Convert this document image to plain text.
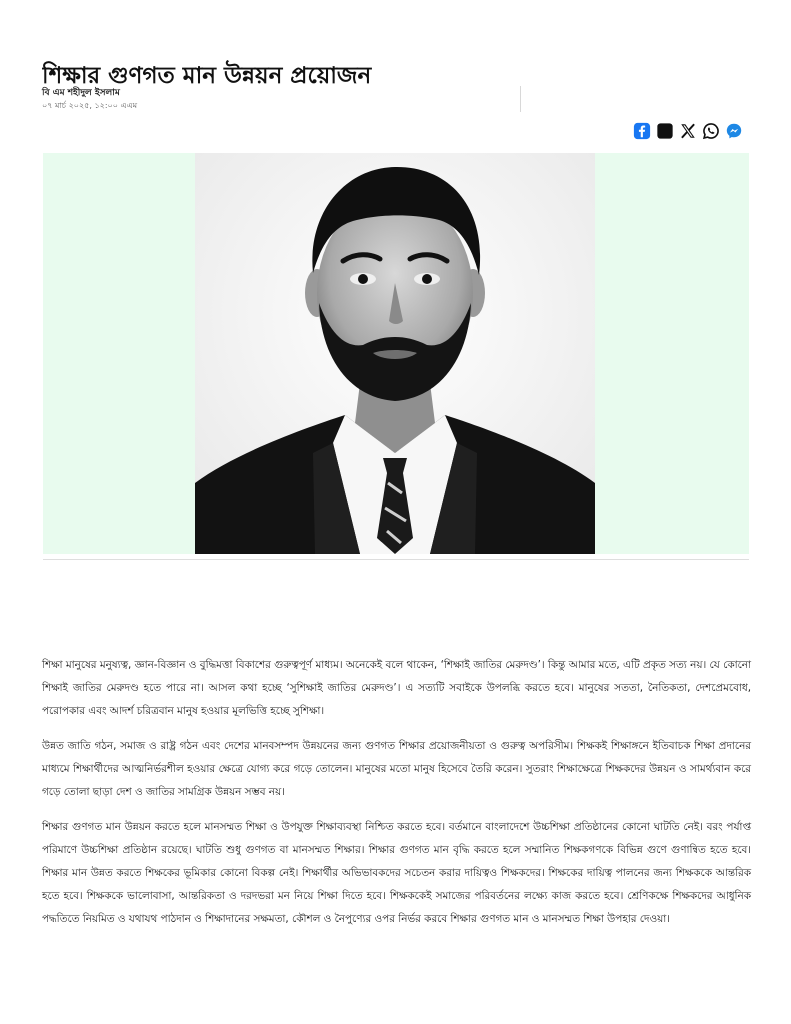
শিক্ষার গুণগত মান উন্নয়ন প্রয়োজন
বি এম শহীদুল ইসলাম
০৭ মার্চ ২০২৫, ১২:০০ এএম

শিক্ষা মানুষের মনুষ্যত্ব, জ্ঞান-বিজ্ঞান ও বুদ্ধিমত্তা বিকাশের গুরুত্বপূর্ণ মাধ্যম। অনেকেই বলে থাকেন, ‘শিক্ষাই জাতির মেরুদণ্ড’। কিন্তু আমার মতে, এটি প্রকৃত সত্য নয়। যে কোনো শিক্ষাই জাতির মেরুদণ্ড হতে পারে না। আসল কথা হচ্ছে ‘সুশিক্ষাই জাতির মেরুদণ্ড’। এ সত্যটি সবাইকে উপলব্ধি করতে হবে। মানুষের সততা, নৈতিকতা, দেশপ্রেমবোধ, পরোপকার এবং আদর্শ চরিত্রবান মানুষ হওয়ার মূলভিত্তি হচ্ছে সুশিক্ষা।

উন্নত জাতি গঠন, সমাজ ও রাষ্ট্র গঠন এবং দেশের মানবসম্পদ উন্নয়নের জন্য গুণগত শিক্ষার প্রয়োজনীয়তা ও গুরুত্ব অপরিসীম। শিক্ষকই শিক্ষাঙ্গনে ইতিবাচক শিক্ষা প্রদানের মাধ্যমে শিক্ষার্থীদের আত্মনির্ভরশীল হওয়ার ক্ষেত্রে যোগ্য করে গড়ে তোলেন। মানুষের মতো মানুষ হিসেবে তৈরি করেন। সুতরাং শিক্ষাক্ষেত্রে শিক্ষকদের উন্নয়ন ও সামর্থ্যবান করে গড়ে তোলা ছাড়া দেশ ও জাতির সামগ্রিক উন্নয়ন সম্ভব নয়।

শিক্ষার গুণগত মান উন্নয়ন করতে হলে মানসম্মত শিক্ষা ও উপযুক্ত শিক্ষাব্যবস্থা নিশ্চিত করতে হবে। বর্তমানে বাংলাদেশে উচ্চশিক্ষা প্রতিষ্ঠানের কোনো ঘাটতি নেই। বরং পর্যাপ্ত পরিমাণে উচ্চশিক্ষা প্রতিষ্ঠান রয়েছে। ঘাটতি শুধু গুণগত বা মানসম্মত শিক্ষার। শিক্ষার গুণগত মান বৃদ্ধি করতে হলে সম্মানিত শিক্ষকগণকে বিভিন্ন গুণে গুণান্বিত হতে হবে। শিক্ষার মান উন্নত করতে শিক্ষকের ভূমিকার কোনো বিকল্প নেই। শিক্ষার্থীর অভিভাবকদের সচেতন করার দায়িত্বও শিক্ষকদের। শিক্ষকের দায়িত্ব পালনের জন্য শিক্ষককে আন্তরিক হতে হবে। শিক্ষককে ভালোবাসা, আন্তরিকতা ও দরদভরা মন নিয়ে শিক্ষা দিতে হবে। শিক্ষককেই সমাজের পরিবর্তনের লক্ষ্যে কাজ করতে হবে। শ্রেণিকক্ষে শিক্ষকদের আধুনিক পদ্ধতিতে নিয়মিত ও যথাযথ পাঠদান ও শিক্ষাদানের সক্ষমতা, কৌশল ও নৈপুণ্যের ওপর নির্ভর করবে শিক্ষার গুণগত মান ও মানসম্মত শিক্ষা উপহার দেওয়া।
